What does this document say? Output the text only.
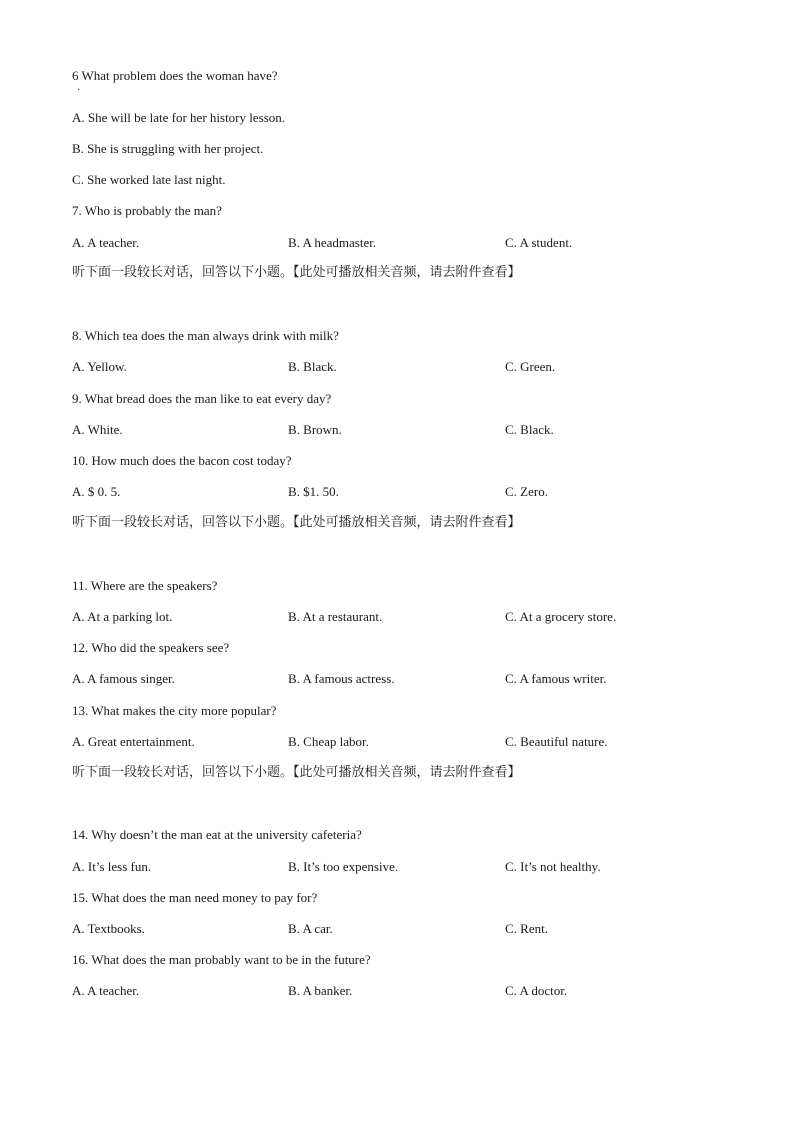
6 What problem does the woman have?
·
A. She will be late for her history lesson.
B. She is struggling with her project.
C. She worked late last night.
7. Who is probably the man?
A. A teacher.	B. A headmaster.	C. A student.
听下面一段较长对话，回答以下小题。【此处可播放相关音频，请去附件查看】
8. Which tea does the man always drink with milk?
A. Yellow.	B. Black.	C. Green.
9. What bread does the man like to eat every day?
A. White.	B. Brown.	C. Black.
10. How much does the bacon cost today?
A. $ 0. 5.	B. $1. 50.	C. Zero.
听下面一段较长对话，回答以下小题。【此处可播放相关音频，请去附件查看】
11. Where are the speakers?
A. At a parking lot.	B. At a restaurant.	C. At a grocery store.
12. Who did the speakers see?
A. A famous singer.	B. A famous actress.	C. A famous writer.
13. What makes the city more popular?
A. Great entertainment.	B. Cheap labor.	C. Beautiful nature.
听下面一段较长对话，回答以下小题。【此处可播放相关音频，请去附件查看】
14. Why doesn’t the man eat at the university cafeteria?
A. It’s less fun.	B. It’s too expensive.	C. It’s not healthy.
15. What does the man need money to pay for?
A. Textbooks.	B. A car.	C. Rent.
16. What does the man probably want to be in the future?
A. A teacher.	B. A banker.	C. A doctor.
